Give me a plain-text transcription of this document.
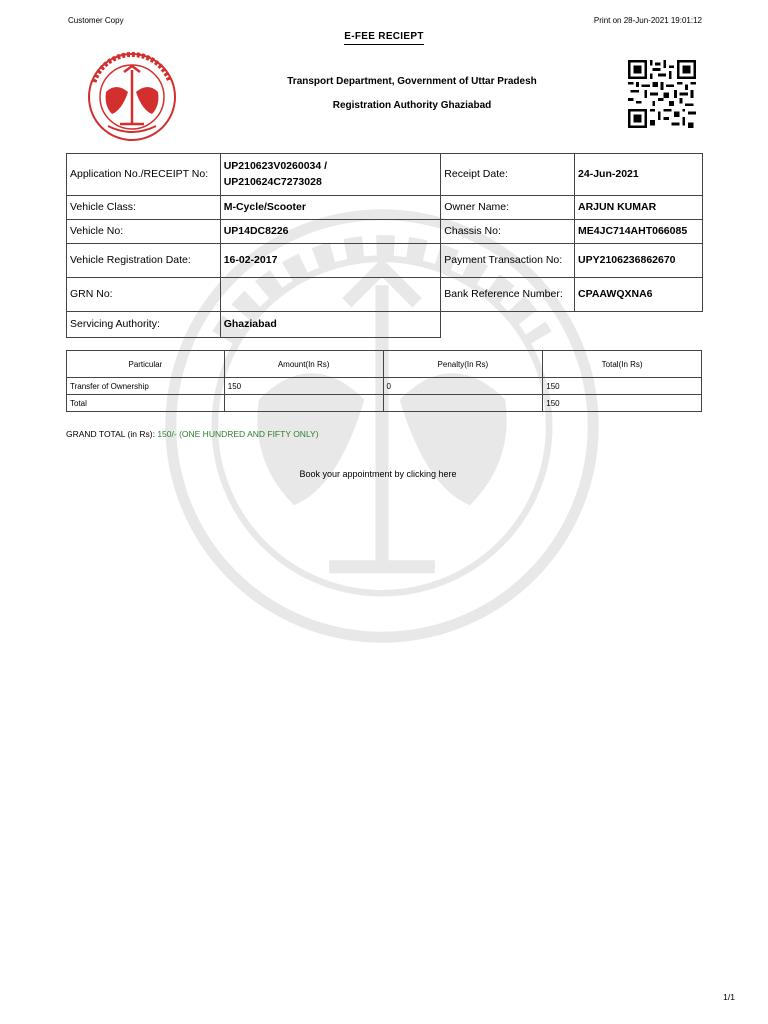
Customer Copy	Print on 28-Jun-2021 19:01:12
E-FEE RECIEPT
Transport Department, Government of Uttar Pradesh
Registration Authority Ghaziabad
Application No./RECEIPT No:	UP210623V0260034 /
UP210624C7273028	Receipt Date:	24-Jun-2021
Vehicle Class:	M-Cycle/Scooter	Owner Name:	ARJUN KUMAR
Vehicle No:	UP14DC8226	Chassis No:	ME4JC714AHT066085
Vehicle Registration Date:	16-02-2017	Payment Transaction No:	UPY2106236862670
GRN No:		Bank Reference Number:	CPAAWQXNA6
Servicing Authority:	Ghaziabad		
Particular	Amount(In Rs)	Penalty(In Rs)	Total(In Rs)
Transfer of Ownership	150	0	150
Total			150
GRAND TOTAL (in Rs): 150/- (ONE HUNDRED AND FIFTY ONLY)
Book your appointment by clicking here
1/1
